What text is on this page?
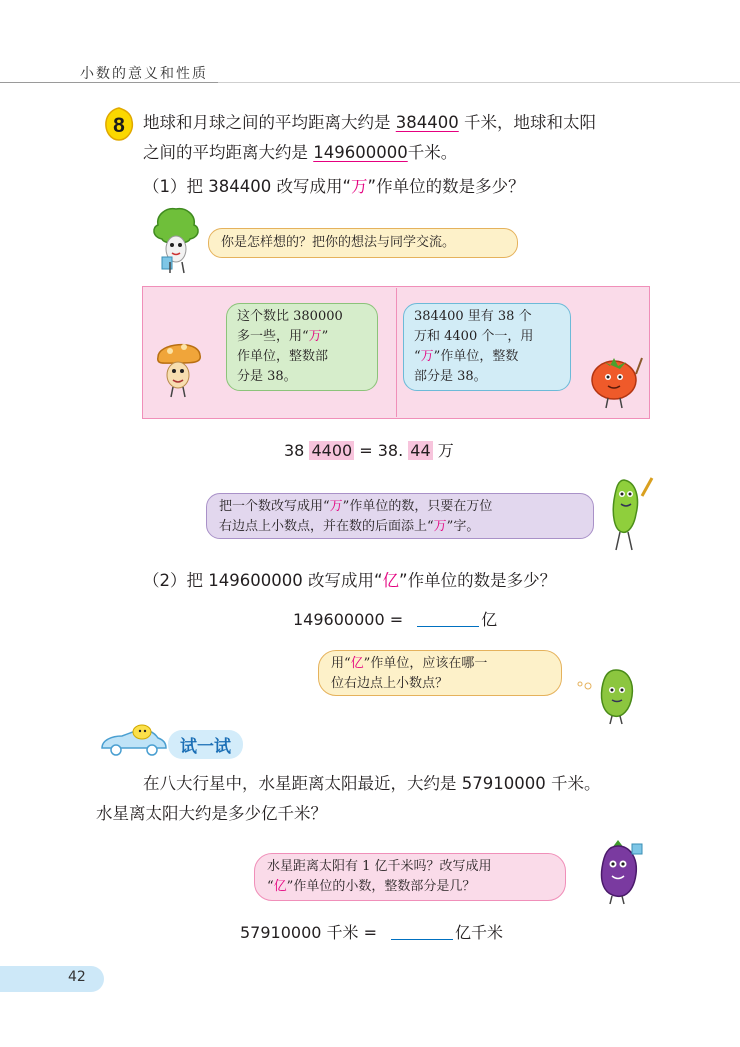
小数的意义和性质
8 地球和月球之间的平均距离大约是 384400 千米，地球和太阳
之间的平均距离大约是 149600000千米。
（1）把 384400 改写成用“万”作单位的数是多少？
你是怎样想的？把你的想法与同学交流。
这个数比 380000
多一些，用“万”
作单位，整数部
分是 38。
384400 里有 38 个
万和 4400 个一，用
“万”作单位，整数
部分是 38。
38 4400 = 38. 44 万
把一个数改写成用“万”作单位的数，只要在万位
右边点上小数点，并在数的后面添上“万”字。
（2）把 149600000 改写成用“亿”作单位的数是多少？
149600000 =	亿
用“亿”作单位，应该在哪一
位右边点上小数点？
试一试
在八大行星中，水星距离太阳最近，大约是 57910000 千米。
水星离太阳大约是多少亿千米？
水星距离太阳有 1 亿千米吗？改写成用
“亿”作单位的小数，整数部分是几？
57910000 千米 =	亿千米
42
